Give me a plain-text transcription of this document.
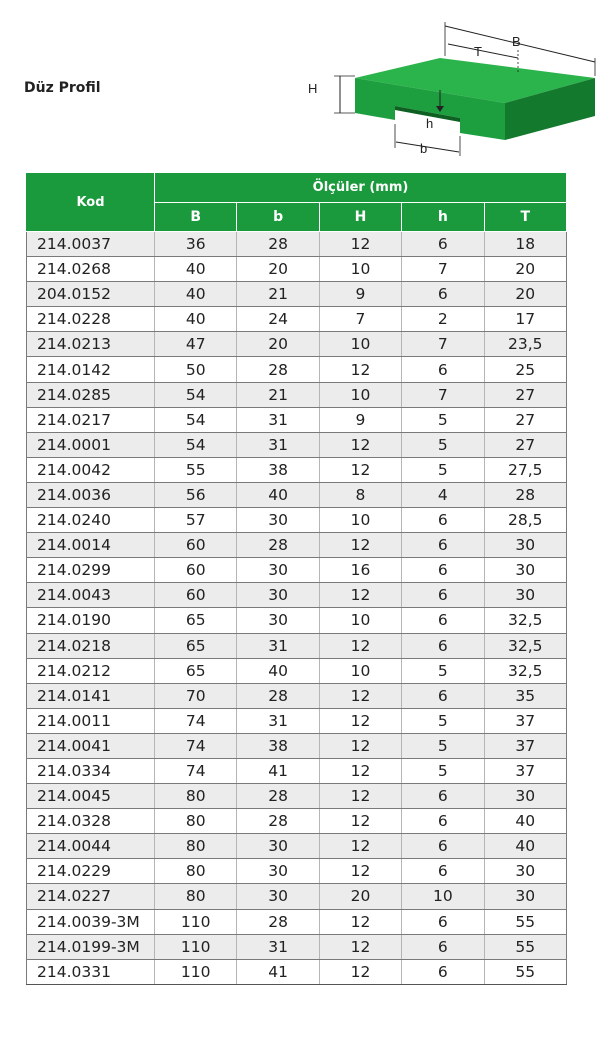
Düz Profil
B
T
H
h
b
Kod	Ölçüler (mm)				
	B	b	H	h	T
214.0037	36	28	12	6	18
214.0268	40	20	10	7	20
204.0152	40	21	9	6	20
214.0228	40	24	7	2	17
214.0213	47	20	10	7	23,5
214.0142	50	28	12	6	25
214.0285	54	21	10	7	27
214.0217	54	31	9	5	27
214.0001	54	31	12	5	27
214.0042	55	38	12	5	27,5
214.0036	56	40	8	4	28
214.0240	57	30	10	6	28,5
214.0014	60	28	12	6	30
214.0299	60	30	16	6	30
214.0043	60	30	12	6	30
214.0190	65	30	10	6	32,5
214.0218	65	31	12	6	32,5
214.0212	65	40	10	5	32,5
214.0141	70	28	12	6	35
214.0011	74	31	12	5	37
214.0041	74	38	12	5	37
214.0334	74	41	12	5	37
214.0045	80	28	12	6	30
214.0328	80	28	12	6	40
214.0044	80	30	12	6	40
214.0229	80	30	12	6	30
214.0227	80	30	20	10	30
214.0039-3M	110	28	12	6	55
214.0199-3M	110	31	12	6	55
214.0331	110	41	12	6	55
